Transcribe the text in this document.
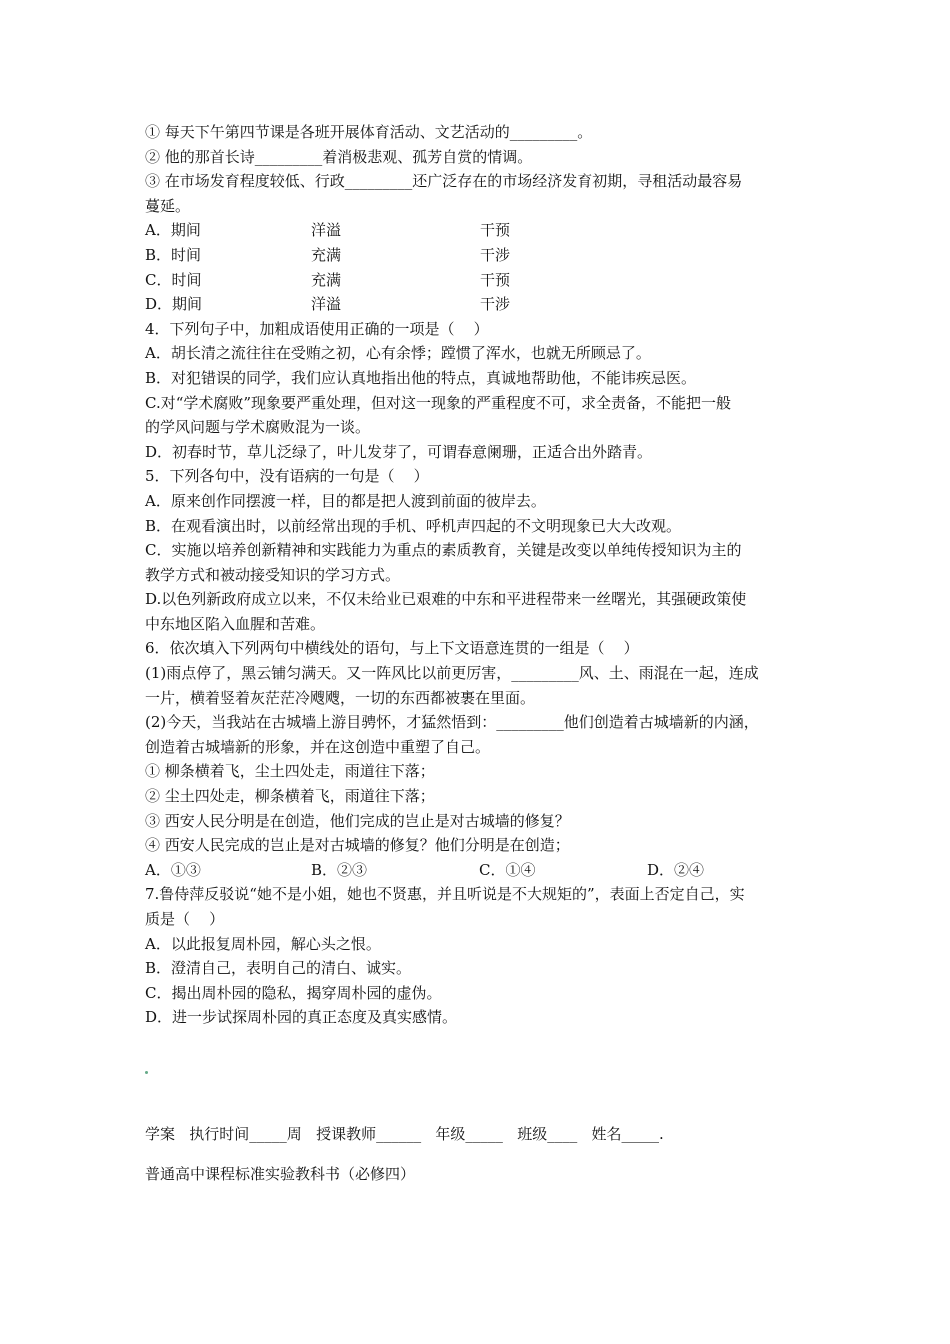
① 每天下午第四节课是各班开展体育活动、文艺活动的_________。

② 他的那首长诗_________着消极悲观、孤芳自赏的情调。

③ 在市场发育程度较低、行政_________还广泛存在的市场经济发育初期，寻租活动最容易

蔓延。

A．期间	洋溢	干预
B．时间	充满	干涉
C．时间	充满	干预
D．期间	洋溢	干涉

4．下列句子中，加粗成语使用正确的一项是（    ）

A．胡长清之流往往在受贿之初，心有余悸；蹚惯了浑水，也就无所顾忌了。

B．对犯错误的同学，我们应认真地指出他的特点，真诚地帮助他，不能讳疾忌医。

C.对“学术腐败”现象要严重处理，但对这一现象的严重程度不可，求全责备，不能把一般

的学风问题与学术腐败混为一谈。

D．初春时节，草儿泛绿了，叶儿发芽了，可谓春意阑珊，正适合出外踏青。

5．下列各句中，没有语病的一句是（    ）

A．原来创作同摆渡一样，目的都是把人渡到前面的彼岸去。

B．在观看演出时，以前经常出现的手机、呼机声四起的不文明现象已大大改观。

C．实施以培养创新精神和实践能力为重点的素质教育，关键是改变以单纯传授知识为主的

教学方式和被动接受知识的学习方式。

D.以色列新政府成立以来，不仅未给业已艰难的中东和平进程带来一丝曙光，其强硬政策使

中东地区陷入血腥和苦难。

6．依次填入下列两句中横线处的语句，与上下文语意连贯的一组是（    ）

(1)雨点停了，黑云铺匀满天。又一阵风比以前更厉害，_________风、土、雨混在一起，连成

一片，横着竖着灰茫茫冷飕飕，一切的东西都被裹在里面。

(2)今天，当我站在古城墙上游目骋怀，才猛然悟到：_________他们创造着古城墙新的内涵，

创造着古城墙新的形象，并在这创造中重塑了自己。

① 柳条横着飞，尘土四处走，雨道往下落；

② 尘土四处走，柳条横着飞，雨道往下落；

③ 西安人民分明是在创造，他们完成的岂止是对古城墙的修复？

④ 西安人民完成的岂止是对古城墙的修复？他们分明是在创造；

A．①③	B．②③	C．①④	D．②④

7.鲁侍萍反驳说“她不是小姐，她也不贤惠，并且听说是不大规矩的”，表面上否定自己，实

质是（    ）

A．以此报复周朴园，解心头之恨。

B．澄清自己，表明自己的清白、诚实。

C．揭出周朴园的隐私，揭穿周朴园的虚伪。

D．进一步试探周朴园的真正态度及真实感情。

学案   执行时间_____周   授课教师______   年级_____   班级____   姓名_____.
普通高中课程标准实验教科书（必修四）
